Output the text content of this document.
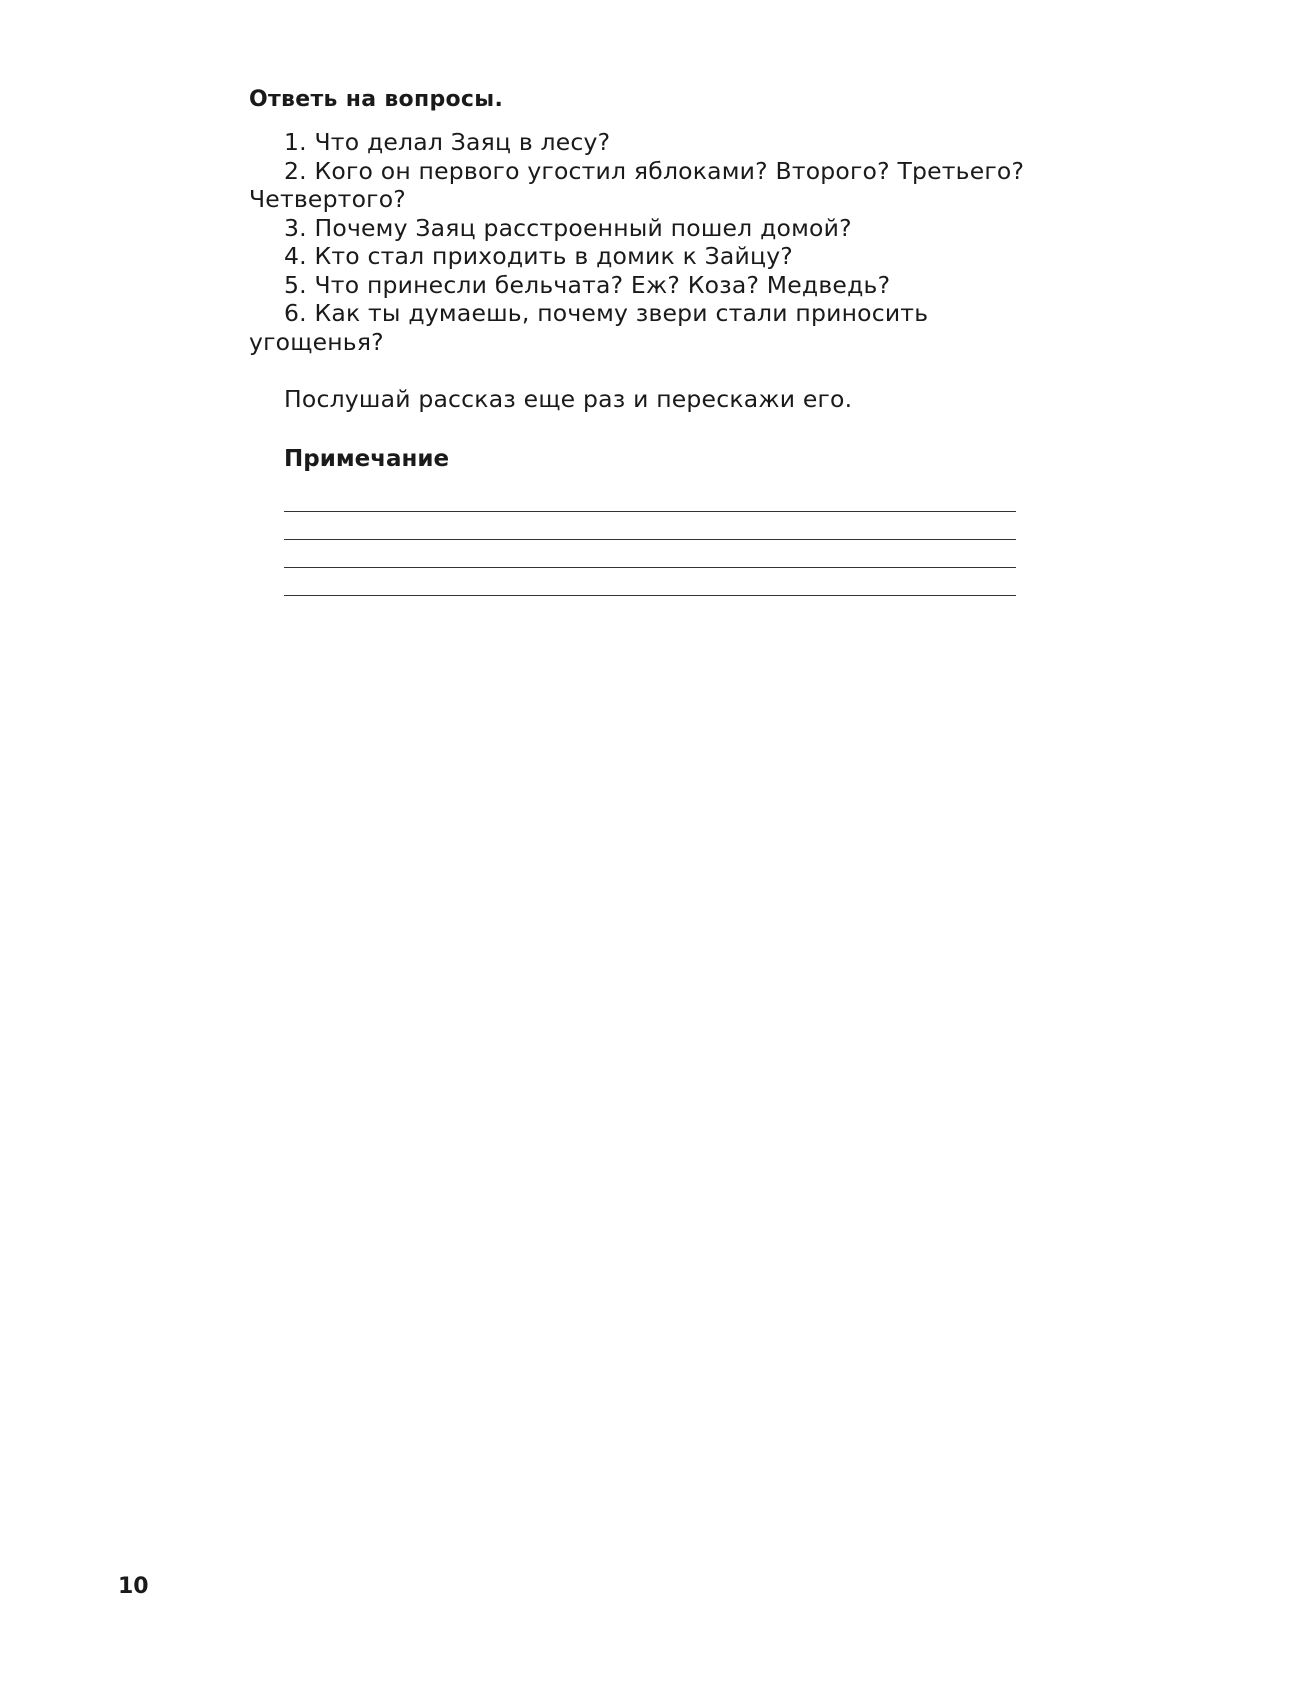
Ответь на вопросы.
1. Что делал Заяц в лесу?
2. Кого он первого угостил яблоками? Второго? Третьего? Четвертого?
3. Почему Заяц расстроенный пошел домой?
4. Кто стал приходить в домик к Зайцу?
5. Что принесли бельчата? Еж? Коза? Медведь?
6. Как ты думаешь, почему звери стали приносить угощенья?
Послушай рассказ еще раз и перескажи его.
Примечание
10
